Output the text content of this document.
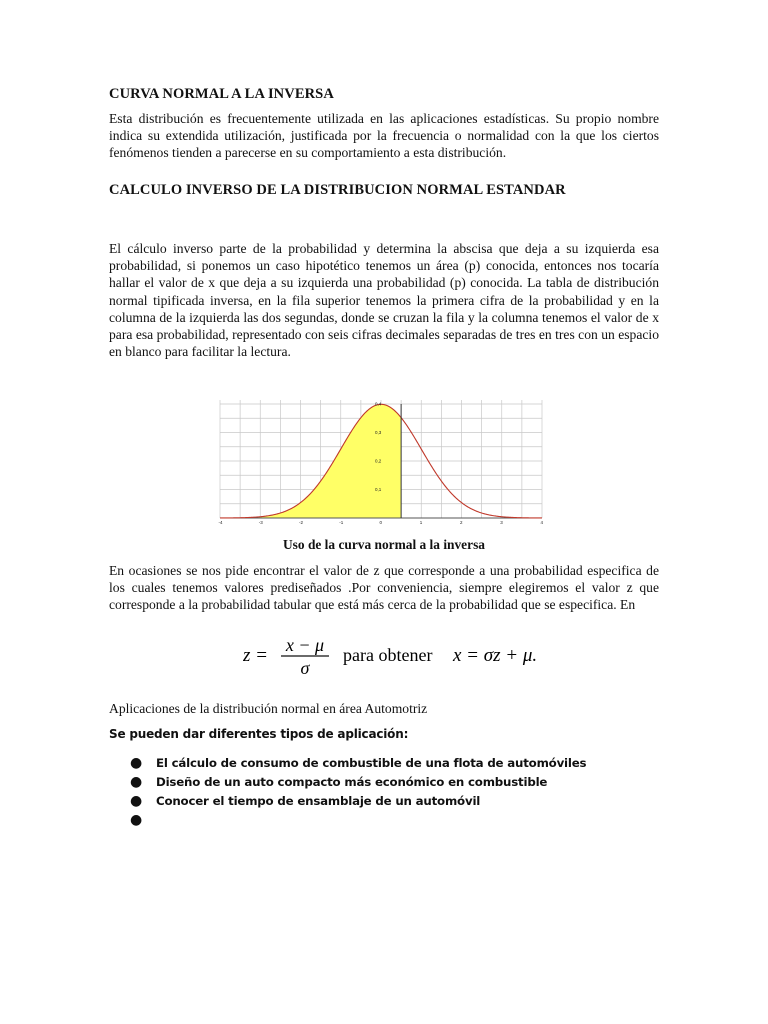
CURVA NORMAL A LA INVERSA
Esta distribución es frecuentemente utilizada en las aplicaciones estadísticas. Su propio nombre indica su extendida utilización, justificada por la frecuencia o normalidad con la que los ciertos fenómenos tienden a parecerse en su comportamiento a esta distribución.
CALCULO INVERSO DE LA DISTRIBUCION NORMAL ESTANDAR
El cálculo inverso parte de la probabilidad y determina la abscisa que deja a su izquierda esa probabilidad, si ponemos un caso hipotético tenemos un área (p) conocida, entonces nos tocaría hallar el valor de x que deja a su izquierda una probabilidad (p) conocida. La tabla de distribución normal tipificada inversa, en la fila superior tenemos la primera cifra de la probabilidad y en la columna de la izquierda las dos segundas, donde se cruzan la fila y la columna tenemos el valor de x para esa probabilidad, representado con seis cifras decimales separadas de tres en tres con un espacio en blanco para facilitar la lectura.
0,1
0,2
0,3
0,4
-4	-3	-2	-1	0	1	2	3	4
Uso de la curva normal a la inversa
En ocasiones se nos pide encontrar el valor de z que corresponde a una probabilidad especifica de los cuales tenemos valores prediseñados .Por conveniencia, siempre elegiremos el valor z que corresponde a la probabilidad tabular que está más cerca de la probabilidad que se especifica. En
z = x − μ
σ
para obtener x = σz + μ.
Aplicaciones de la distribución normal en área Automotriz
Se pueden dar diferentes tipos de aplicación:
● El cálculo de consumo de combustible de una flota de automóviles
● Diseño de un auto compacto más económico en combustible
● Conocer el tiempo de ensamblaje de un automóvil
●
